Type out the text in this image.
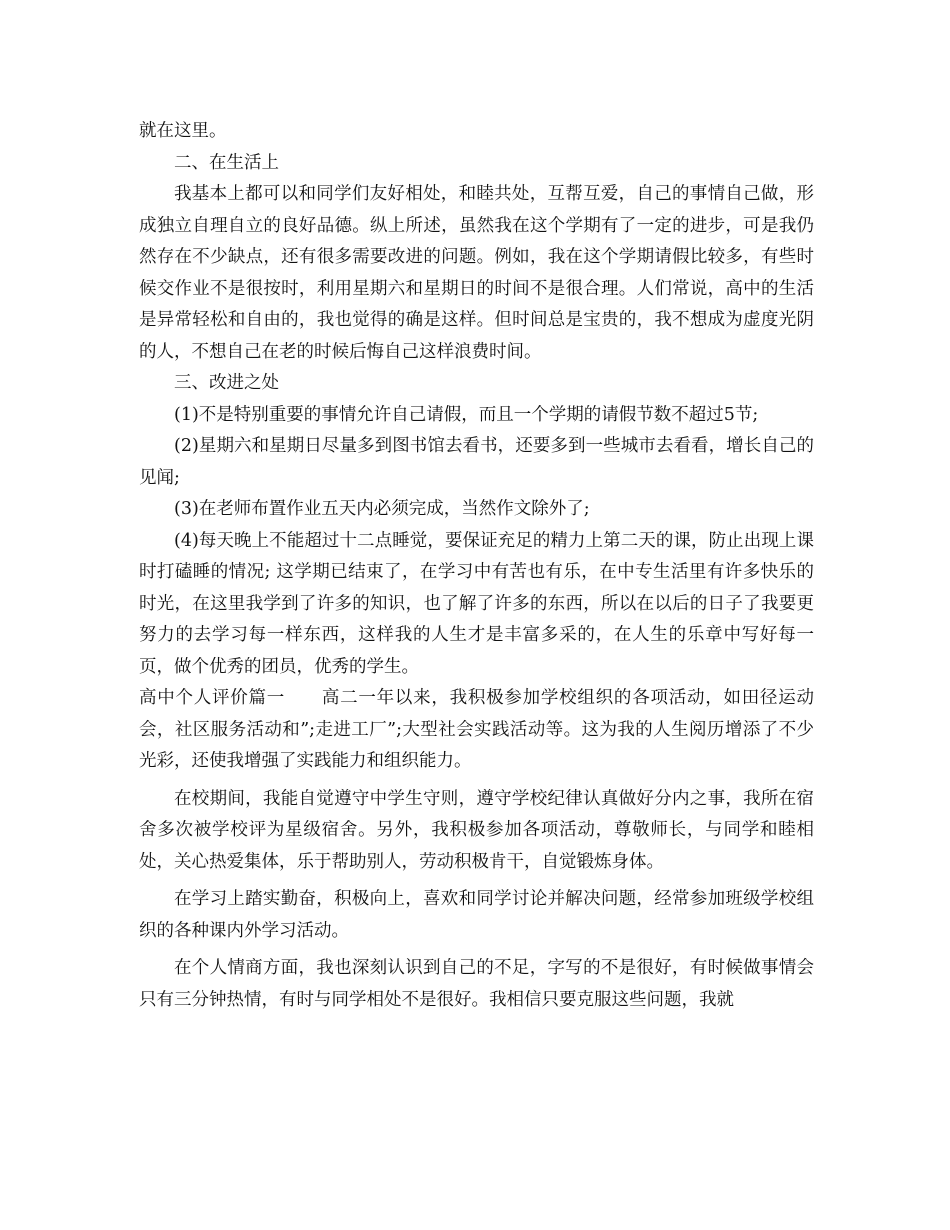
就在这里。

二、在生活上

我基本上都可以和同学们友好相处，和睦共处，互帮互爱，自己的事情自己做，形成独立自理自立的良好品德。纵上所述，虽然我在这个学期有了一定的进步，可是我仍然存在不少缺点，还有很多需要改进的问题。例如，我在这个学期请假比较多，有些时候交作业不是很按时，利用星期六和星期日的时间不是很合理。人们常说，高中的生活是异常轻松和自由的，我也觉得的确是这样。但时间总是宝贵的，我不想成为虚度光阴的人，不想自己在老的时候后悔自己这样浪费时间。

三、改进之处

(1)不是特别重要的事情允许自己请假，而且一个学期的请假节数不超过5节;

(2)星期六和星期日尽量多到图书馆去看书，还要多到一些城市去看看，增长自己的见闻;

(3)在老师布置作业五天内必须完成，当然作文除外了;

(4)每天晚上不能超过十二点睡觉，要保证充足的精力上第二天的课，防止出现上课时打磕睡的情况; 这学期已结束了，在学习中有苦也有乐，在中专生活里有许多快乐的时光，在这里我学到了许多的知识，也了解了许多的东西，所以在以后的日子了我要更努力的去学习每一样东西，这样我的人生才是丰富多采的，在人生的乐章中写好每一页，做个优秀的团员，优秀的学生。

高中个人评价篇一 高二一年以来，我积极参加学校组织的各项活动，如田径运动会，社区服务活动和”;走进工厂”;大型社会实践活动等。这为我的人生阅历增添了不少光彩，还使我增强了实践能力和组织能力。

在校期间，我能自觉遵守中学生守则，遵守学校纪律认真做好分内之事，我所在宿舍多次被学校评为星级宿舍。另外，我积极参加各项活动，尊敬师长，与同学和睦相处，关心热爱集体，乐于帮助别人，劳动积极肯干，自觉锻炼身体。

在学习上踏实勤奋，积极向上，喜欢和同学讨论并解决问题，经常参加班级学校组织的各种课内外学习活动。

在个人情商方面，我也深刻认识到自己的不足，字写的不是很好，有时候做事情会只有三分钟热情，有时与同学相处不是很好。我相信只要克服这些问题，我就
